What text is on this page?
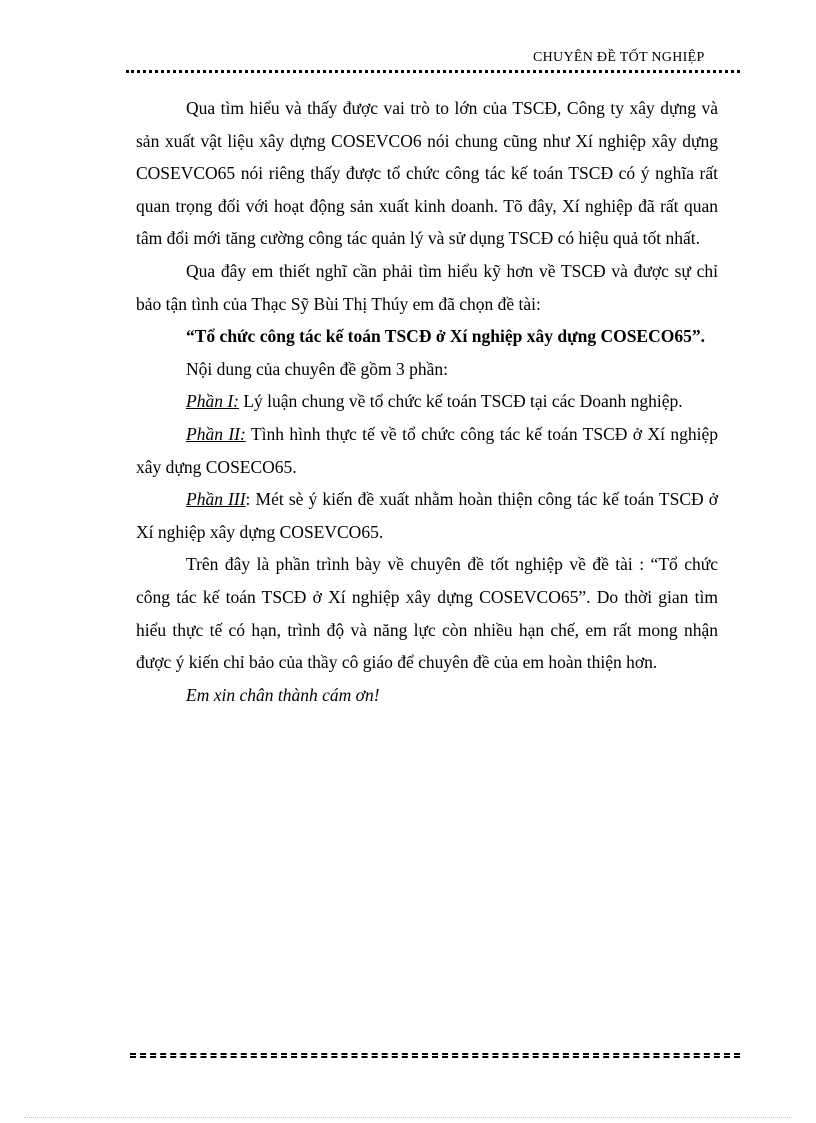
CHUYÊN ĐỀ TỐT NGHIỆP

Qua tìm hiểu và thấy được vai trò to lớn của TSCĐ, Công ty xây dựng và sản xuất vật liệu xây dựng COSEVCO6 nói chung cũng như Xí nghiệp xây dựng COSEVCO65 nói riêng thấy được tổ chức công tác kế toán TSCĐ có ý nghĩa rất quan trọng đối với hoạt động sản xuất kinh doanh. Tõ đây, Xí nghiệp đã rất quan tâm đổi mới tăng cường công tác quản lý và sử dụng TSCĐ có hiệu quả tốt nhất.

Qua đây em thiết nghĩ cần phải tìm hiểu kỹ hơn về TSCĐ và được sự chỉ bảo tận tình của Thạc Sỹ Bùi Thị Thúy em đã chọn đề tài:

“Tổ chức công tác kế toán TSCĐ ở Xí nghiệp xây dựng COSECO65”.

Nội dung của chuyên đề gồm 3 phần:

Phần I: Lý luận chung về tổ chức kế toán TSCĐ tại các Doanh nghiệp.

Phần II: Tình hình thực tế về tổ chức công tác kế toán TSCĐ ở Xí nghiệp xây dựng COSECO65.

Phần III: Mét sè ý kiến đề xuất nhằm hoàn thiện công tác kế toán TSCĐ ở Xí nghiệp xây dựng COSEVCO65.

Trên đây là phần trình bày về chuyên đề tốt nghiệp về đề tài : “Tổ chức công tác kế toán TSCĐ ở Xí nghiệp xây dựng COSEVCO65”. Do thời gian tìm hiểu thực tế có hạn, trình độ và năng lực còn nhiều hạn chế, em rất mong nhận được ý kiến chỉ bảo của thầy cô giáo để chuyên đề của em hoàn thiện hơn.

Em xin chân thành cám ơn!
